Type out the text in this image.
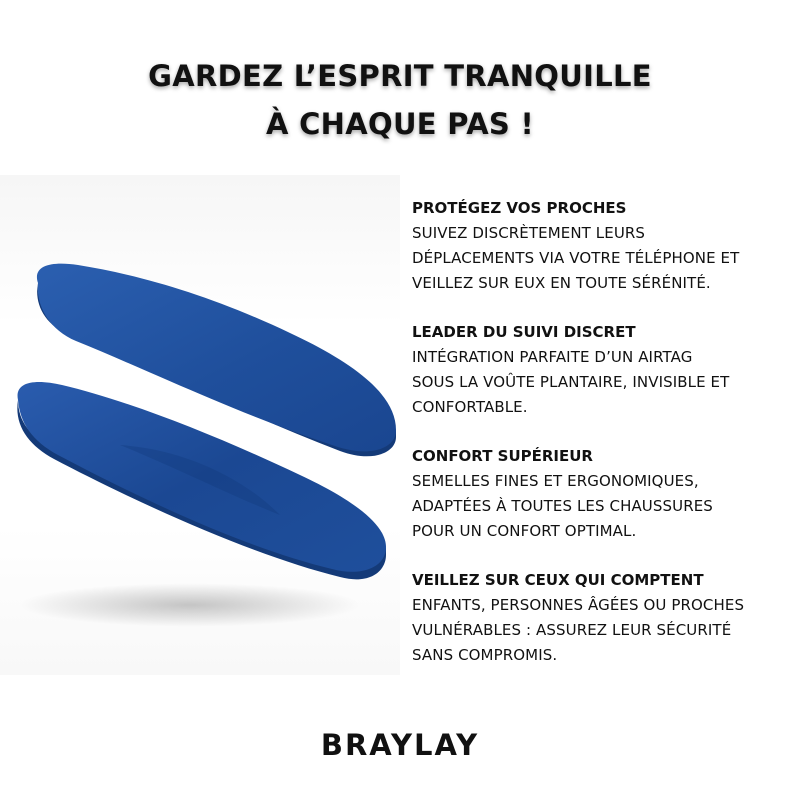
GARDEZ L’ESPRIT TRANQUILLE
À CHAQUE PAS !
PROTÉGEZ VOS PROCHES
SUIVEZ DISCRÈTEMENT LEURS
DÉPLACEMENTS VIA VOTRE TÉLÉPHONE ET
VEILLEZ SUR EUX EN TOUTE SÉRÉNITÉ.
LEADER DU SUIVI DISCRET
INTÉGRATION PARFAITE D’UN AIRTAG
SOUS LA VOÛTE PLANTAIRE, INVISIBLE ET
CONFORTABLE.
CONFORT SUPÉRIEUR
SEMELLES FINES ET ERGONOMIQUES,
ADAPTÉES À TOUTES LES CHAUSSURES
POUR UN CONFORT OPTIMAL.
VEILLEZ SUR CEUX QUI COMPTENT
ENFANTS, PERSONNES ÂGÉES OU PROCHES
VULNÉRABLES : ASSUREZ LEUR SÉCURITÉ
SANS COMPROMIS.
BRAYLAY
